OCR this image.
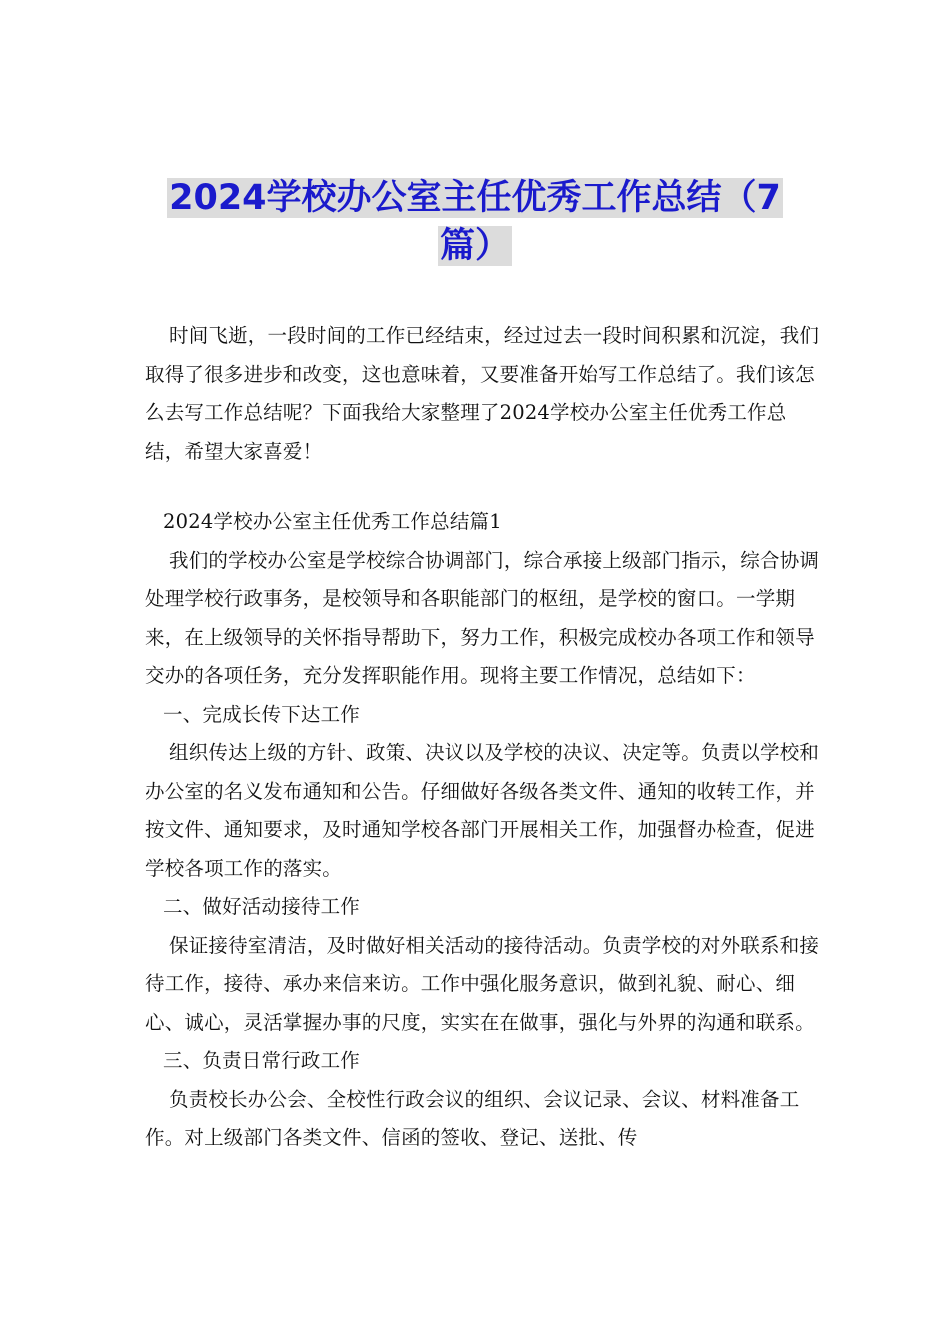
2024学校办公室主任优秀工作总结（7
篇）

时间飞逝，一段时间的工作已经结束，经过过去一段时间积累和沉淀，我们取得了很多进步和改变，这也意味着，又要准备开始写工作总结了。我们该怎么去写工作总结呢？下面我给大家整理了2024学校办公室主任优秀工作总结，希望大家喜爱！

2024学校办公室主任优秀工作总结篇1

我们的学校办公室是学校综合协调部门，综合承接上级部门指示，综合协调处理学校行政事务，是校领导和各职能部门的枢纽，是学校的窗口。一学期来，在上级领导的关怀指导帮助下，努力工作，积极完成校办各项工作和领导交办的各项任务，充分发挥职能作用。现将主要工作情况，总结如下：

一、完成长传下达工作

组织传达上级的方针、政策、决议以及学校的决议、决定等。负责以学校和办公室的名义发布通知和公告。仔细做好各级各类文件、通知的收转工作，并按文件、通知要求，及时通知学校各部门开展相关工作，加强督办检查，促进学校各项工作的落实。

二、做好活动接待工作

保证接待室清洁，及时做好相关活动的接待活动。负责学校的对外联系和接待工作，接待、承办来信来访。工作中强化服务意识，做到礼貌、耐心、细心、诚心，灵活掌握办事的尺度，实实在在做事，强化与外界的沟通和联系。

三、负责日常行政工作

负责校长办公会、全校性行政会议的组织、会议记录、会议、材料准备工作。对上级部门各类文件、信函的签收、登记、送批、传
